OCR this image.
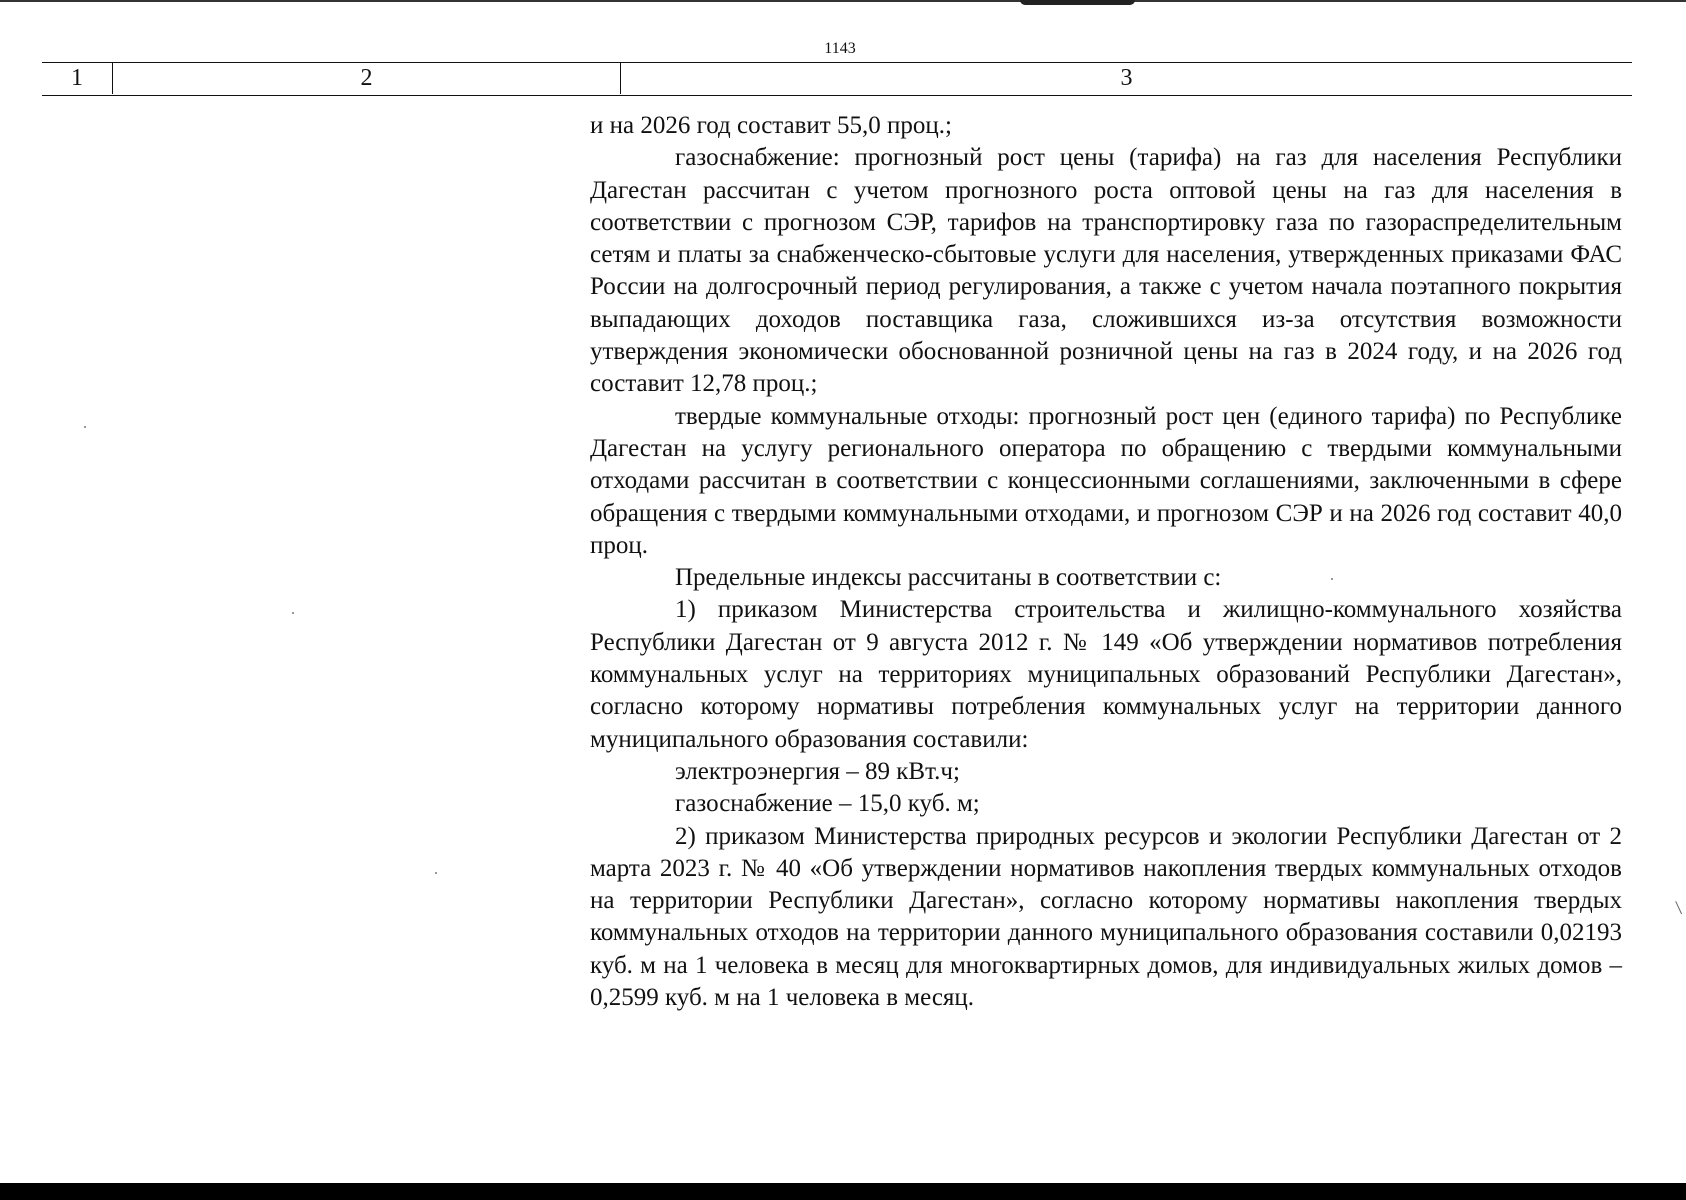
1143
1	2	3

и на 2026 год составит 55,0 проц.;

газоснабжение: прогнозный рост цены (тарифа) на газ для населения Республики Дагестан рассчитан с учетом прогнозного роста оптовой цены на газ для населения в соответствии с прогнозом СЭР, тарифов на транспортировку газа по газораспределительным сетям и платы за снабженческо-сбытовые услуги для населения, утвержденных приказами ФАС России на долгосрочный период регулирования, а также с учетом начала поэтапного покрытия выпадающих доходов поставщика газа, сложившихся из-за отсутствия возможности утверждения экономически обоснованной розничной цены на газ в 2024 году, и на 2026 год составит 12,78 проц.;

твердые коммунальные отходы: прогнозный рост цен (единого тарифа) по Республике Дагестан на услугу регионального оператора по обращению с твердыми коммунальными отходами рассчитан в соответствии с концессионными соглашениями, заключенными в сфере обращения с твердыми коммунальными отходами, и прогнозом СЭР и на 2026 год составит 40,0 проц.

Предельные индексы рассчитаны в соответствии с:

1) приказом Министерства строительства и жилищно-коммунального хозяйства Республики Дагестан от 9 августа 2012 г. № 149 «Об утверждении нормативов потребления коммунальных услуг на территориях муниципальных образований Республики Дагестан», согласно которому нормативы потребления коммунальных услуг на территории данного муниципального образования составили:

электроэнергия – 89 кВт.ч;

газоснабжение – 15,0 куб. м;

2) приказом Министерства природных ресурсов и экологии Республики Дагестан от 2 марта 2023 г. № 40 «Об утверждении нормативов накопления твердых коммунальных отходов на территории Республики Дагестан», согласно которому нормативы накопления твердых коммунальных отходов на территории данного муниципального образования составили 0,02193 куб. м на 1 человека в месяц для многоквартирных домов, для индивидуальных жилых домов – 0,2599 куб. м на 1 человека в месяц.
